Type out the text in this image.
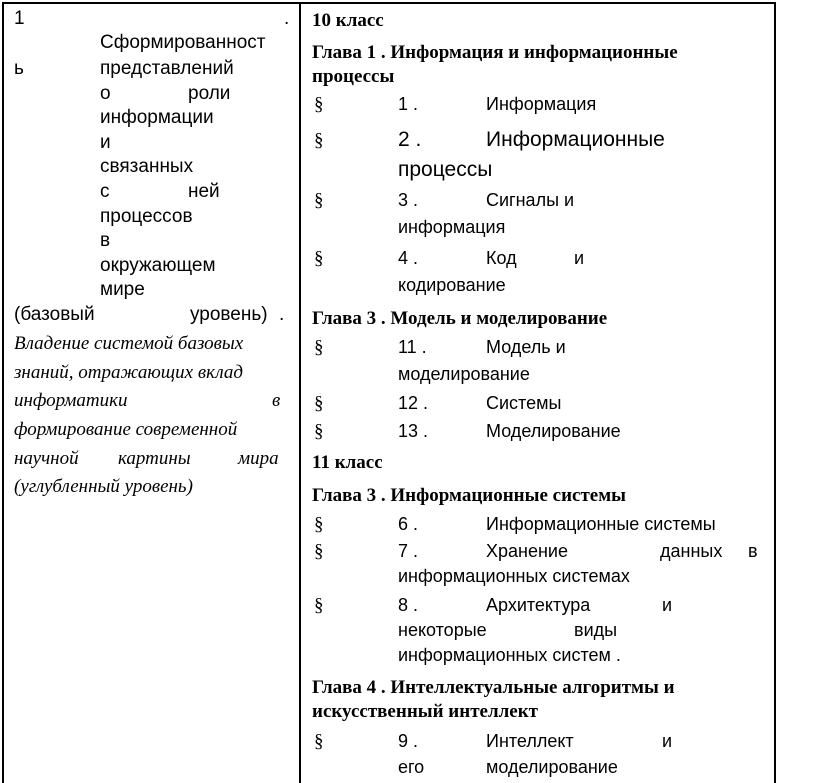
1	.
Сформированност
ь	представлений
о	роли
информации
и
связанных
с	ней
процессов
в
окружающем
мире
(базовый	уровень) .
Владение системой базовых
знаний, отражающих вклад
информатики	в
формирование современной
научной картины мира
(углубленный уровень)
10 класс
Глава 1 . Информация и информационные
процессы
§	1 .	Информация
§	2 .	Информационные
процессы
§	3 .	Сигналы и
информация
§	4 .	Код	и
кодирование
Глава 3 . Модель и моделирование
§	11 .	Модель и
моделирование
§	12 .	Системы
§	13 .	Моделирование
11 класс
Глава 3 . Информационные системы
§	6 .	Информационные системы
§	7 .	Хранение	данных в
информационных системах
§	8 .	Архитектура	и
некоторые	виды
информационных систем .
Глава 4 . Интеллектуальные алгоритмы и
искусственный интеллект
§	9 .	Интеллект	и
его	моделирование
